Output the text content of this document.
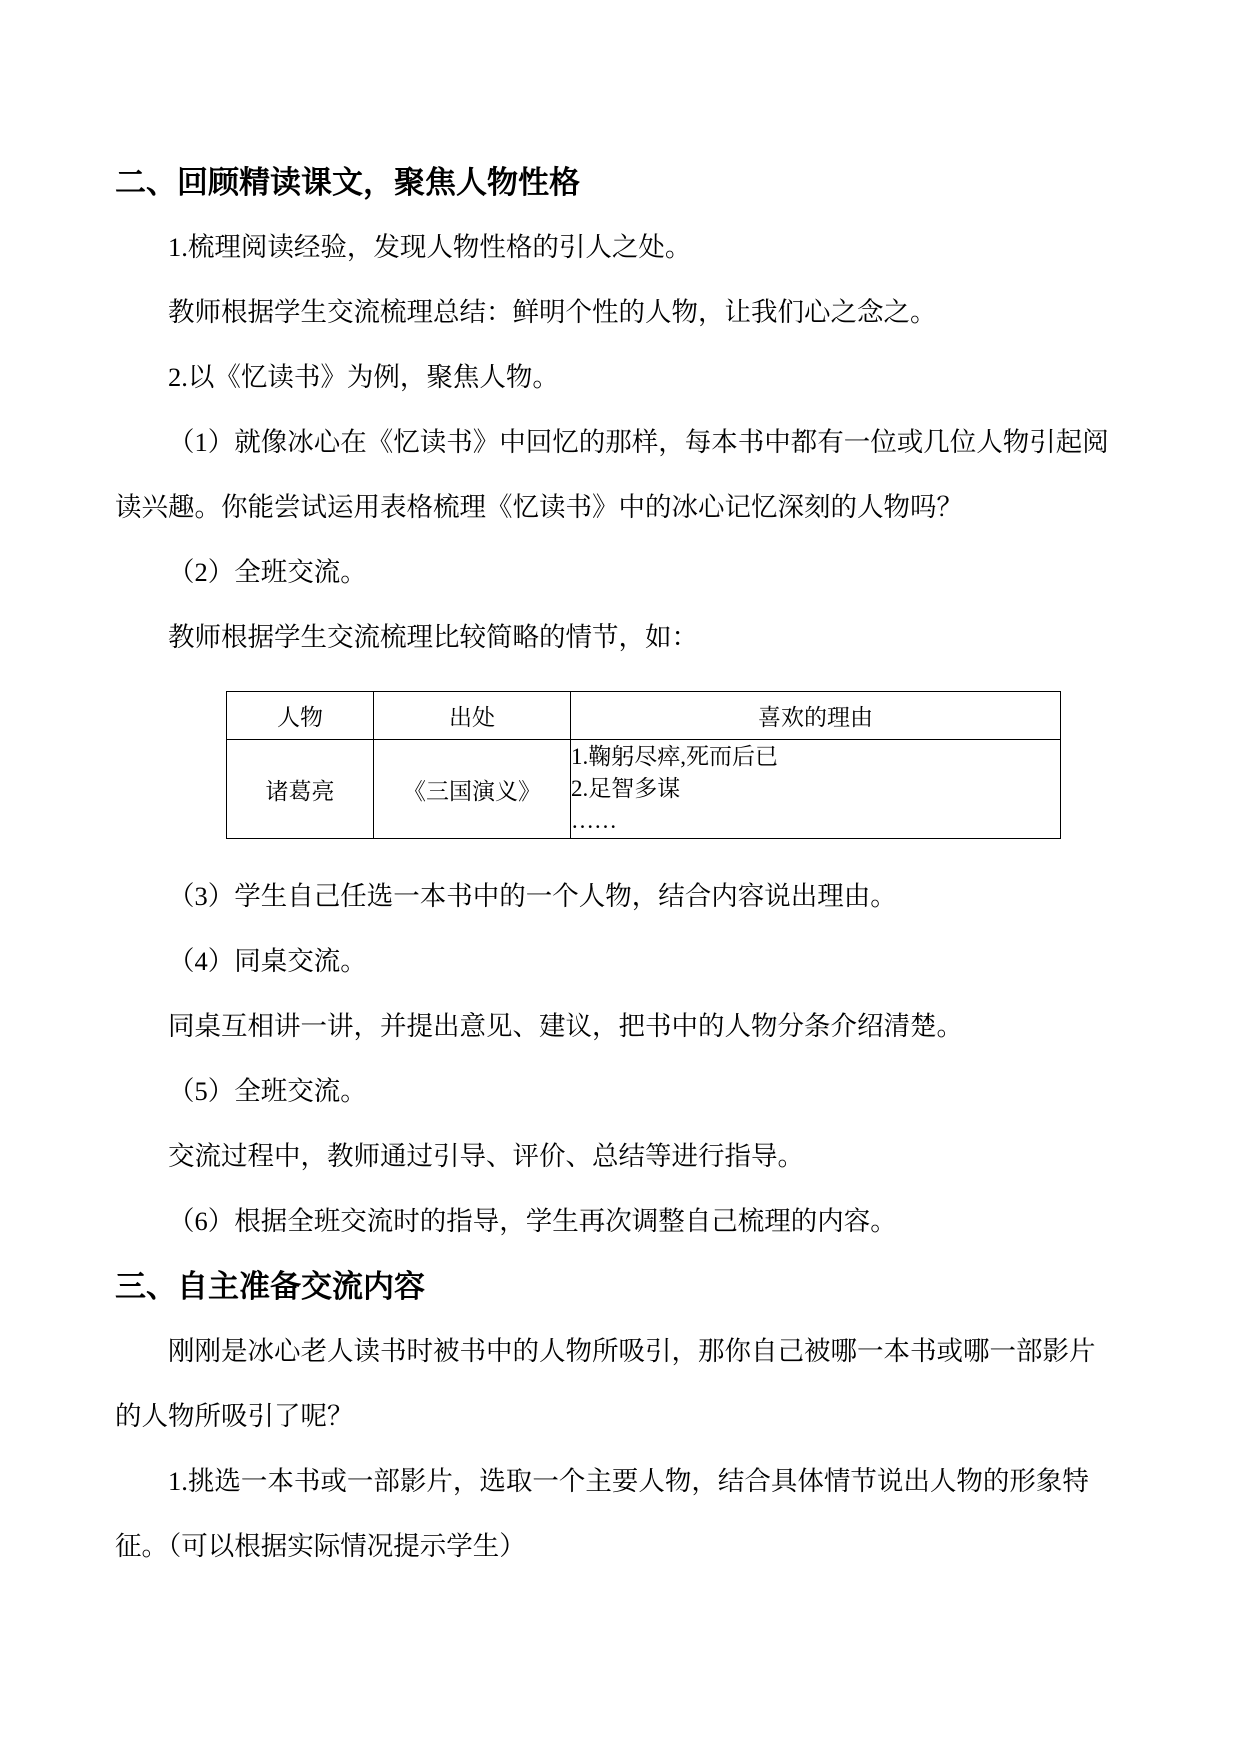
二、回顾精读课文，聚焦人物性格
1.梳理阅读经验，发现人物性格的引人之处。
教师根据学生交流梳理总结：鲜明个性的人物，让我们心之念之。
2.以《忆读书》为例，聚焦人物。
（1）就像冰心在《忆读书》中回忆的那样，每本书中都有一位或几位人物引起阅
读兴趣。你能尝试运用表格梳理《忆读书》中的冰心记忆深刻的人物吗？
（2）全班交流。
教师根据学生交流梳理比较简略的情节，如：
人物	出处	喜欢的理由
诸葛亮	《三国演义》	1.鞠躬尽瘁,死而后已
2.足智多谋
……
（3）学生自己任选一本书中的一个人物，结合内容说出理由。
（4）同桌交流。
同桌互相讲一讲，并提出意见、建议，把书中的人物分条介绍清楚。
（5）全班交流。
交流过程中，教师通过引导、评价、总结等进行指导。
（6）根据全班交流时的指导，学生再次调整自己梳理的内容。
三、自主准备交流内容
刚刚是冰心老人读书时被书中的人物所吸引，那你自己被哪一本书或哪一部影片
的人物所吸引了呢？
1.挑选一本书或一部影片，选取一个主要人物，结合具体情节说出人物的形象特
征。（可以根据实际情况提示学生）
